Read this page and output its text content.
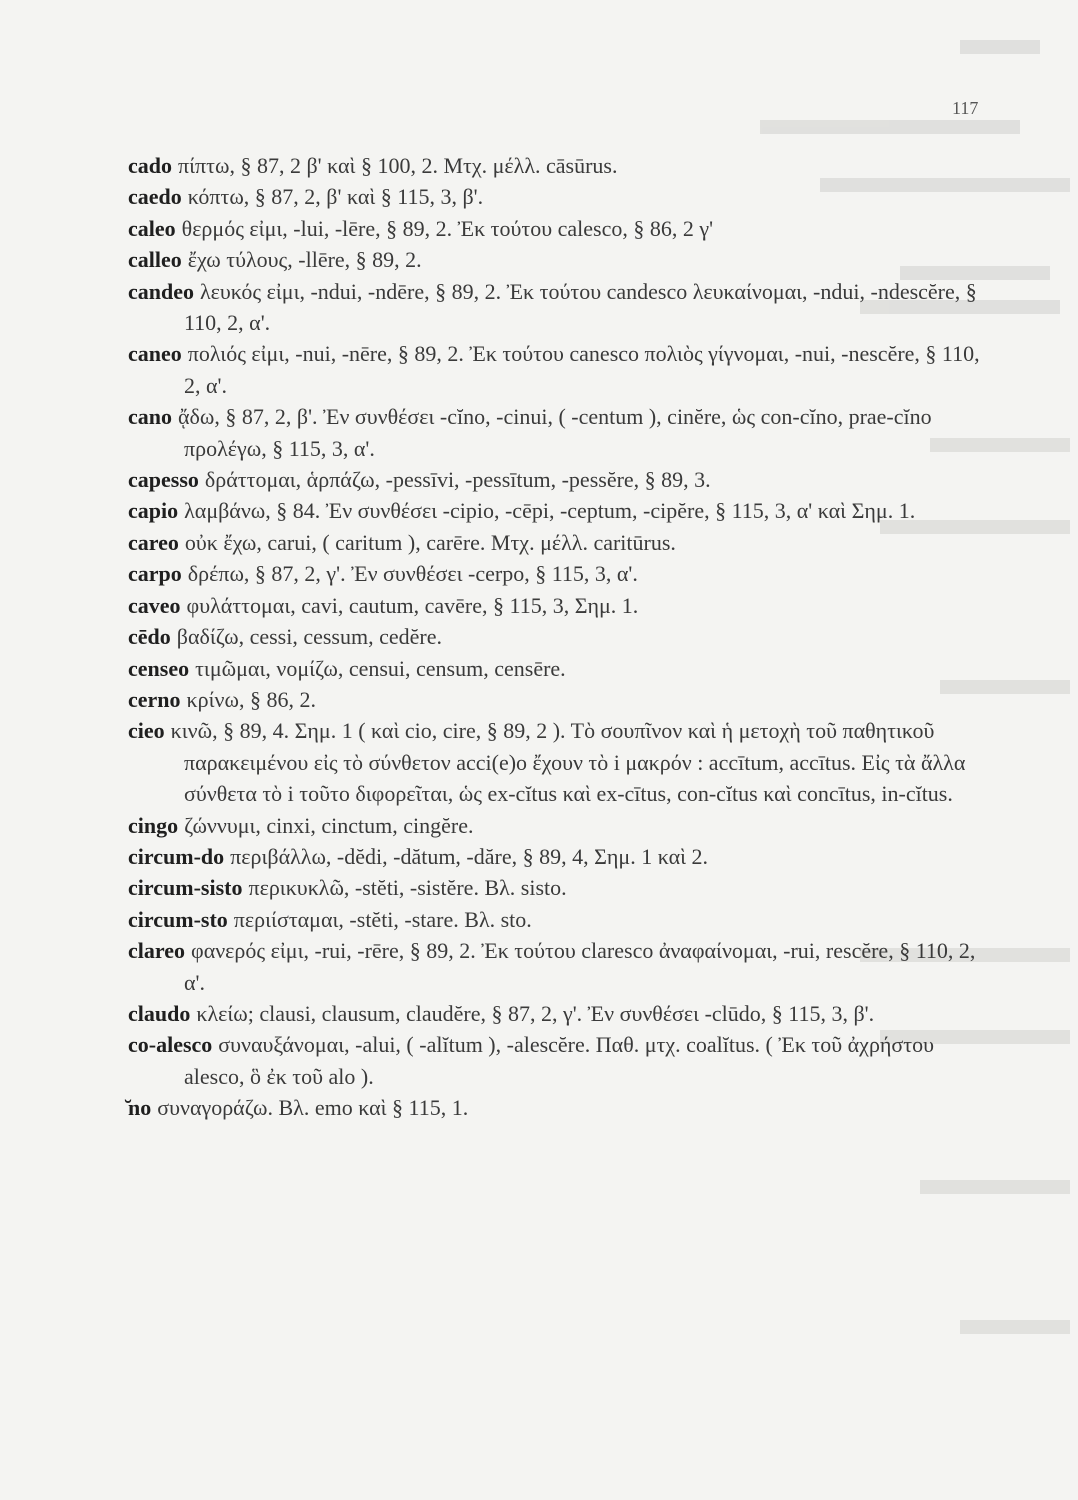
117

cado πίπτω, § 87, 2 β' καὶ § 100, 2. Μτχ. μέλλ. cāsūrus.

caedo κόπτω, § 87, 2, β' καὶ § 115, 3, β'.

caleo θερμός εἰμι, -lui, -lēre, § 89, 2. Ἐκ τούτου calesco, § 86, 2 γ'

calleo ἔχω τύλους, -llēre, § 89, 2.

candeo λευκός εἰμι, -ndui, -ndēre, § 89, 2. Ἐκ τούτου candesco λευκαίνομαι, -ndui, -ndescĕre, § 110, 2, α'.

caneo πολιός εἰμι, -nui, -nēre, § 89, 2. Ἐκ τούτου canesco πολιὸς γίγνομαι, -nui, -nescĕre, § 110, 2, α'.

cano ᾄδω, § 87, 2, β'. Ἐν συνθέσει -cĭno, -cinui, ( -centum ), cinĕre, ὡς con-cĭno, prae-cĭno προλέγω, § 115, 3, α'.

capesso δράττομαι, ἁρπάζω, -pessīvi, -pessītum, -pessĕre, § 89, 3.

capio λαμβάνω, § 84. Ἐν συνθέσει -cipio, -cēpi, -ceptum, -cipĕre, § 115, 3, α' καὶ Σημ. 1.

careo οὐκ ἔχω, carui, ( caritum ), carēre. Μτχ. μέλλ. caritūrus.

carpo δρέπω, § 87, 2, γ'. Ἐν συνθέσει -cerpo, § 115, 3, α'.

caveo φυλάττομαι, cavi, cautum, cavēre, § 115, 3, Σημ. 1.

cēdo βαδίζω, cessi, cessum, cedĕre.

censeo τιμῶμαι, νομίζω, censui, censum, censēre.

cerno κρίνω, § 86, 2.

cieo κινῶ, § 89, 4. Σημ. 1 ( καὶ cio, cire, § 89, 2 ). Τὸ σουπῖνον καὶ ἡ μετοχὴ τοῦ παθητικοῦ παρακειμένου εἰς τὸ σύνθετον acci(e)o ἔχουν τὸ i μακρόν : accītum, accītus. Εἰς τὰ ἄλλα σύνθετα τὸ i τοῦτο διφορεῖται, ὡς ex-cĭtus καὶ ex-cītus, con-cĭtus καὶ concītus, in-cĭtus.

cingo ζώννυμι, cinxi, cinctum, cingĕre.

circum-do περιβάλλω, -dĕdi, -dătum, -dăre, § 89, 4, Σημ. 1 καὶ 2.

circum-sisto περικυκλῶ, -stĕti, -sistĕre. Βλ. sisto.

circum-sto περιίσταμαι, -stĕti, -stare. Βλ. sto.

clareo φανερός εἰμι, -rui, -rēre, § 89, 2. Ἐκ τούτου claresco ἀναφαίνομαι, -rui, rescĕre, § 110, 2, α'.

claudo κλείω; clausi, clausum, claudĕre, § 87, 2, γ'. Ἐν συνθέσει -clūdo, § 115, 3, β'.

co-alesco συναυξάνομαι, -alui, ( -alĭtum ), -alescĕre. Παθ. μτχ. coalĭtus. ( Ἐκ τοῦ ἀχρήστου alesco, ὃ ἐκ τοῦ alo ).

̆no συναγοράζω. Βλ. emo καὶ § 115, 1.
